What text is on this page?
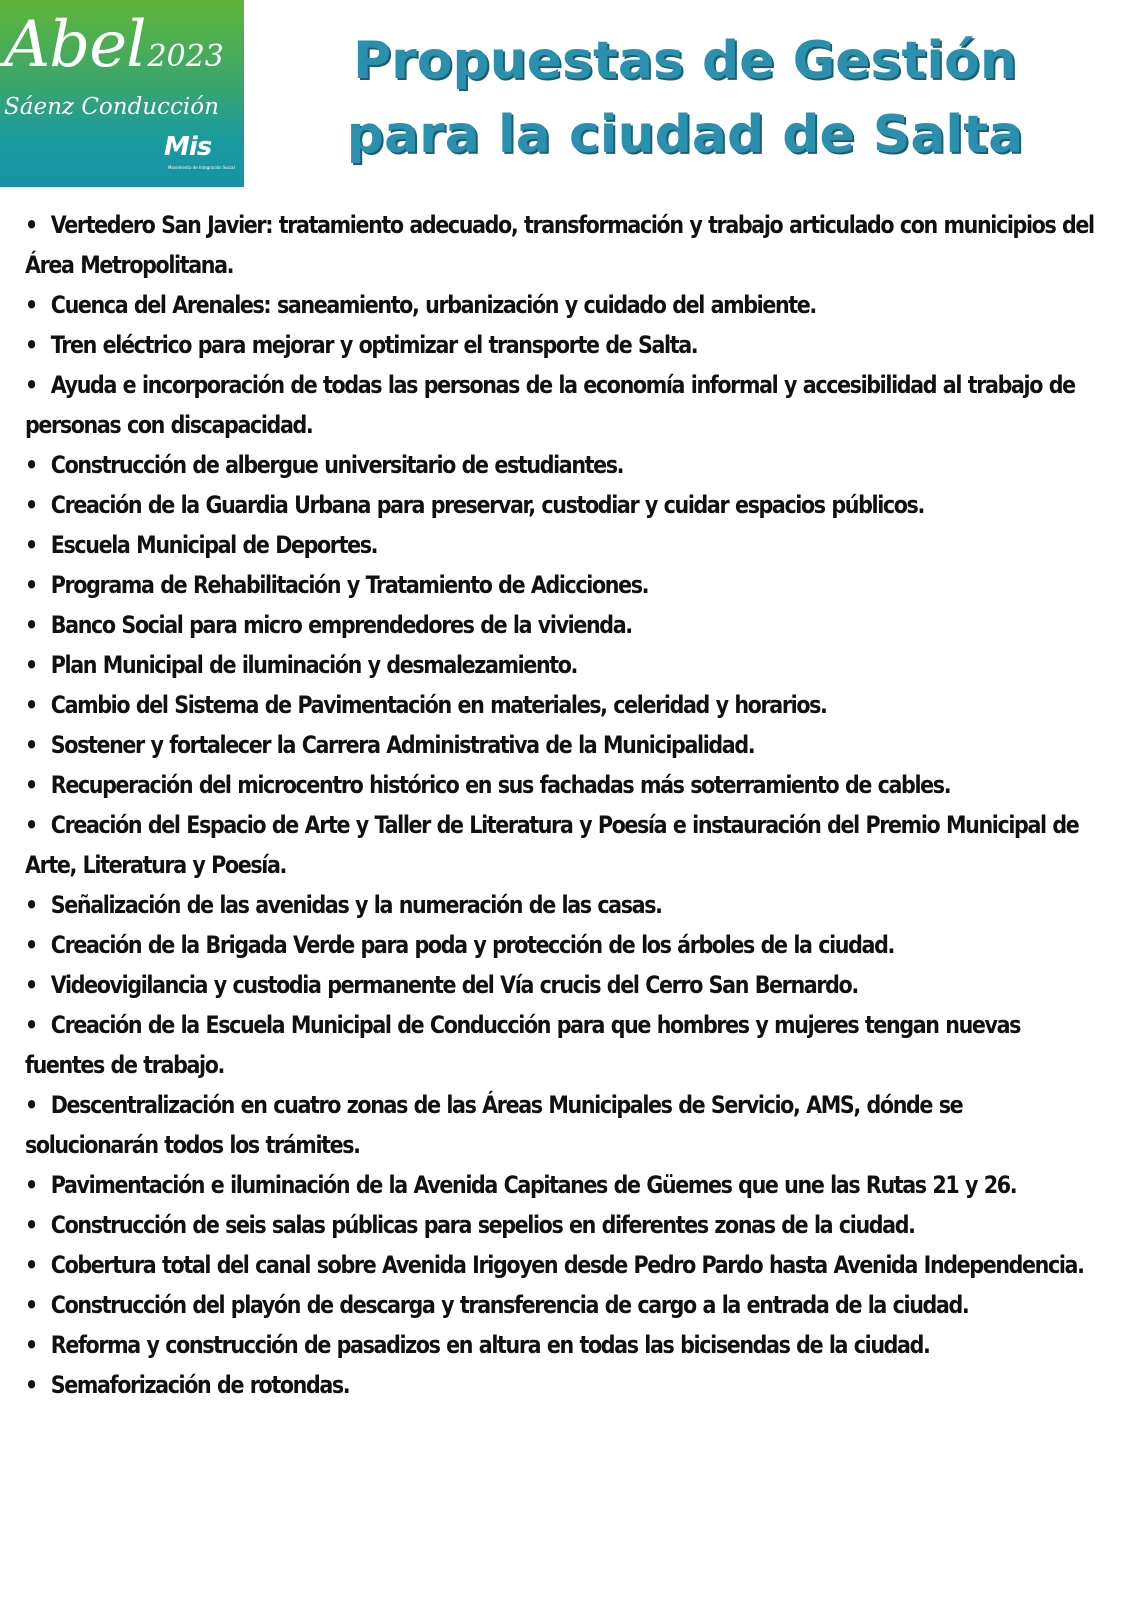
Abel2023
Sáenz Conducción
Mis
Movimiento de Integración Social
Propuestas de Gestión
para la ciudad de Salta
• Vertedero San Javier: tratamiento adecuado, transformación y trabajo articulado con municipios del Área Metropolitana.
• Cuenca del Arenales: saneamiento, urbanización y cuidado del ambiente.
• Tren eléctrico para mejorar y optimizar el transporte de Salta.
• Ayuda e incorporación de todas las personas de la economía informal y accesibilidad al trabajo de personas con discapacidad.
• Construcción de albergue universitario de estudiantes.
• Creación de la Guardia Urbana para preservar, custodiar y cuidar espacios públicos.
• Escuela Municipal de Deportes.
• Programa de Rehabilitación y Tratamiento de Adicciones.
• Banco Social para micro emprendedores de la vivienda.
• Plan Municipal de iluminación y desmalezamiento.
• Cambio del Sistema de Pavimentación en materiales, celeridad y horarios.
• Sostener y fortalecer la Carrera Administrativa de la Municipalidad.
• Recuperación del microcentro histórico en sus fachadas más soterramiento de cables.
• Creación del Espacio de Arte y Taller de Literatura y Poesía e instauración del Premio Municipal de Arte, Literatura y Poesía.
• Señalización de las avenidas y la numeración de las casas.
• Creación de la Brigada Verde para poda y protección de los árboles de la ciudad.
• Videovigilancia y custodia permanente del Vía crucis del Cerro San Bernardo.
• Creación de la Escuela Municipal de Conducción para que hombres y mujeres tengan nuevas fuentes de trabajo.
• Descentralización en cuatro zonas de las Áreas Municipales de Servicio, AMS, dónde se solucionarán todos los trámites.
• Pavimentación e iluminación de la Avenida Capitanes de Güemes que une las Rutas 21 y 26.
• Construcción de seis salas públicas para sepelios en diferentes zonas de la ciudad.
• Cobertura total del canal sobre Avenida Irigoyen desde Pedro Pardo hasta Avenida Independencia.
• Construcción del playón de descarga y transferencia de cargo a la entrada de la ciudad.
• Reforma y construcción de pasadizos en altura en todas las bicisendas de la ciudad.
• Semaforización de rotondas.
